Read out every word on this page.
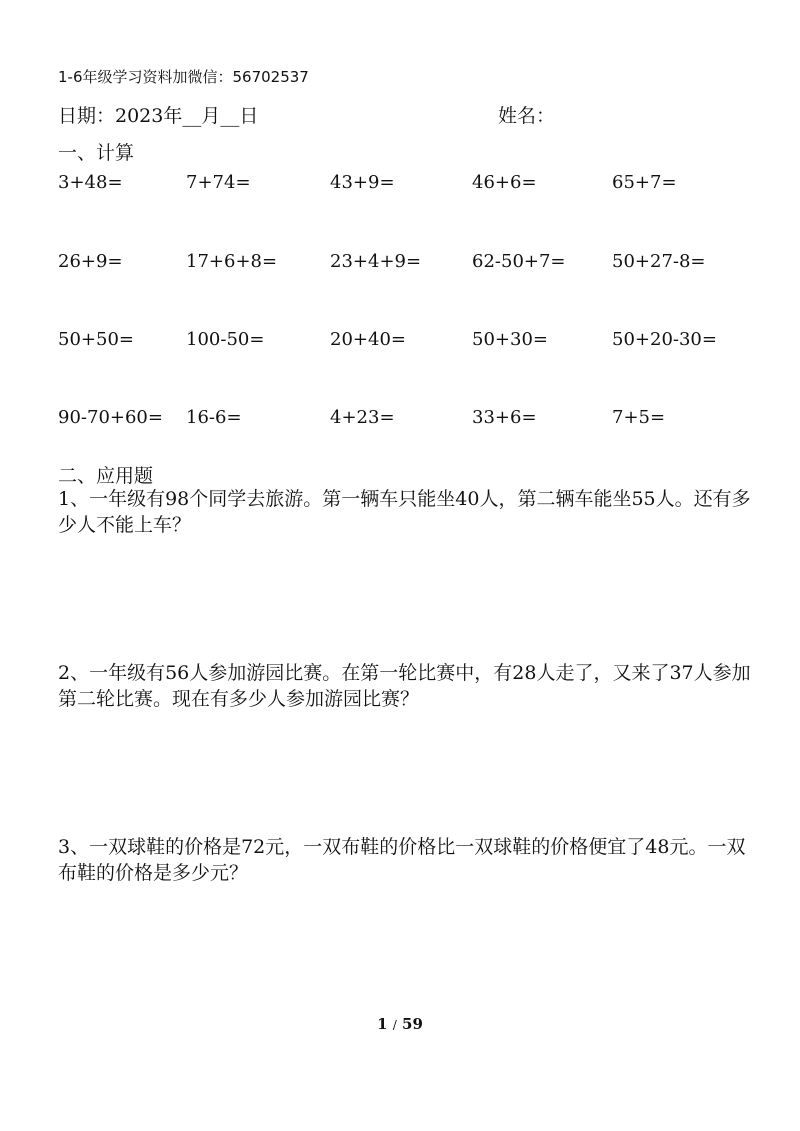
1-6年级学习资料加微信：56702537
日期：2023年__月__日	姓名：
一、计算
3+48=	7+74=	43+9=	46+6=	65+7=
26+9=	17+6+8=	23+4+9=	62-50+7=	50+27-8=
50+50=	100-50=	20+40=	50+30=	50+20-30=
90-70+60= 16-6=	4+23=	33+6=	7+5=
二、应用题
1、一年级有98个同学去旅游。第一辆车只能坐40人，第二辆车能坐55人。还有多少人不能上车？
2、一年级有56人参加游园比赛。在第一轮比赛中，有28人走了，又来了37人参加第二轮比赛。现在有多少人参加游园比赛？
3、一双球鞋的价格是72元，一双布鞋的价格比一双球鞋的价格便宜了48元。一双布鞋的价格是多少元？
1 / 59
